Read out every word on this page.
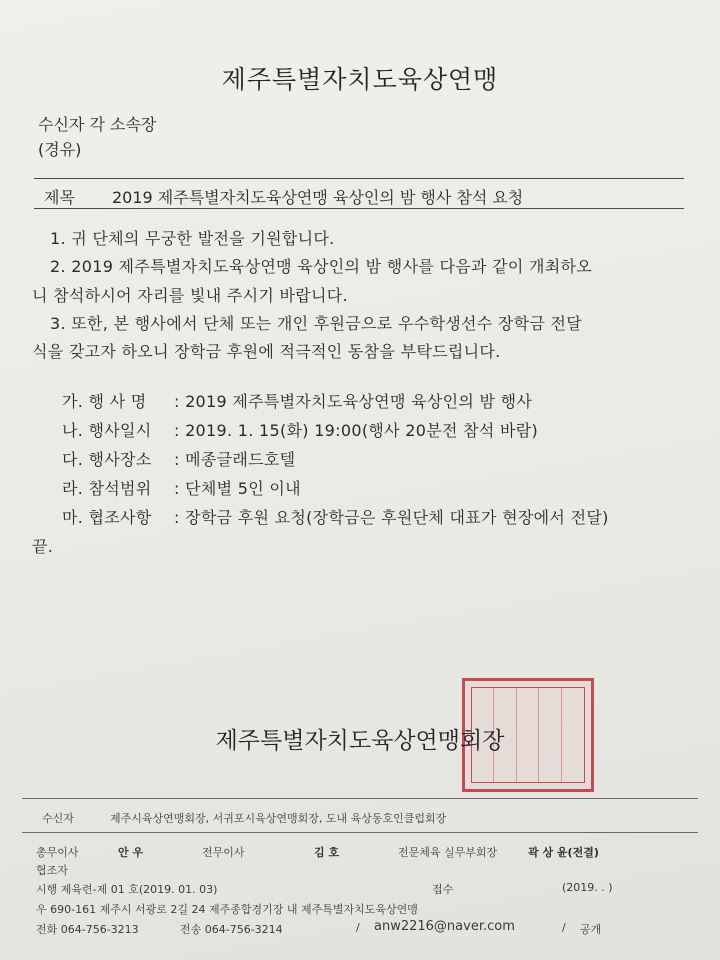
제주특별자치도육상연맹
수신자 각 소속장
(경유)
제목 2019 제주특별자치도육상연맹 육상인의 밤 행사 참석 요청
1. 귀 단체의 무궁한 발전을 기원합니다.
2. 2019 제주특별자치도육상연맹 육상인의 밤 행사를 다음과 같이 개최하오
니 참석하시어 자리를 빛내 주시기 바랍니다.
3. 또한, 본 행사에서 단체 또는 개인 후원금으로 우수학생선수 장학금 전달
식을 갖고자 하오니 장학금 후원에 적극적인 동참을 부탁드립니다.
가. 행 사 명 : 2019 제주특별자치도육상연맹 육상인의 밤 행사
나. 행사일시 : 2019. 1. 15(화) 19:00(행사 20분전 참석 바람)
다. 행사장소 : 메종글래드호텔
라. 참석범위 : 단체별 5인 이내
마. 협조사항 : 장학금 후원 요청(장학금은 후원단체 대표가 현장에서 전달)
끝.
제주특별자치도육상연맹회장
수신자	제주시육상연맹회장, 서귀포시육상연맹회장, 도내 육상동호인클럽회장
총무이사	안 우	전무이사	김 호	전문체육 실무부회장	곽 상 윤(전결)
협조자
시행 제육련-제 01 호(2019. 01. 03)	접수	(2019. . )
우 690-161 제주시 서광로 2길 24 제주종합경기장 내 제주특별자치도육상연맹
전화 064-756-3213	전송 064-756-3214	/ anw2216@naver.com	/ 공개
